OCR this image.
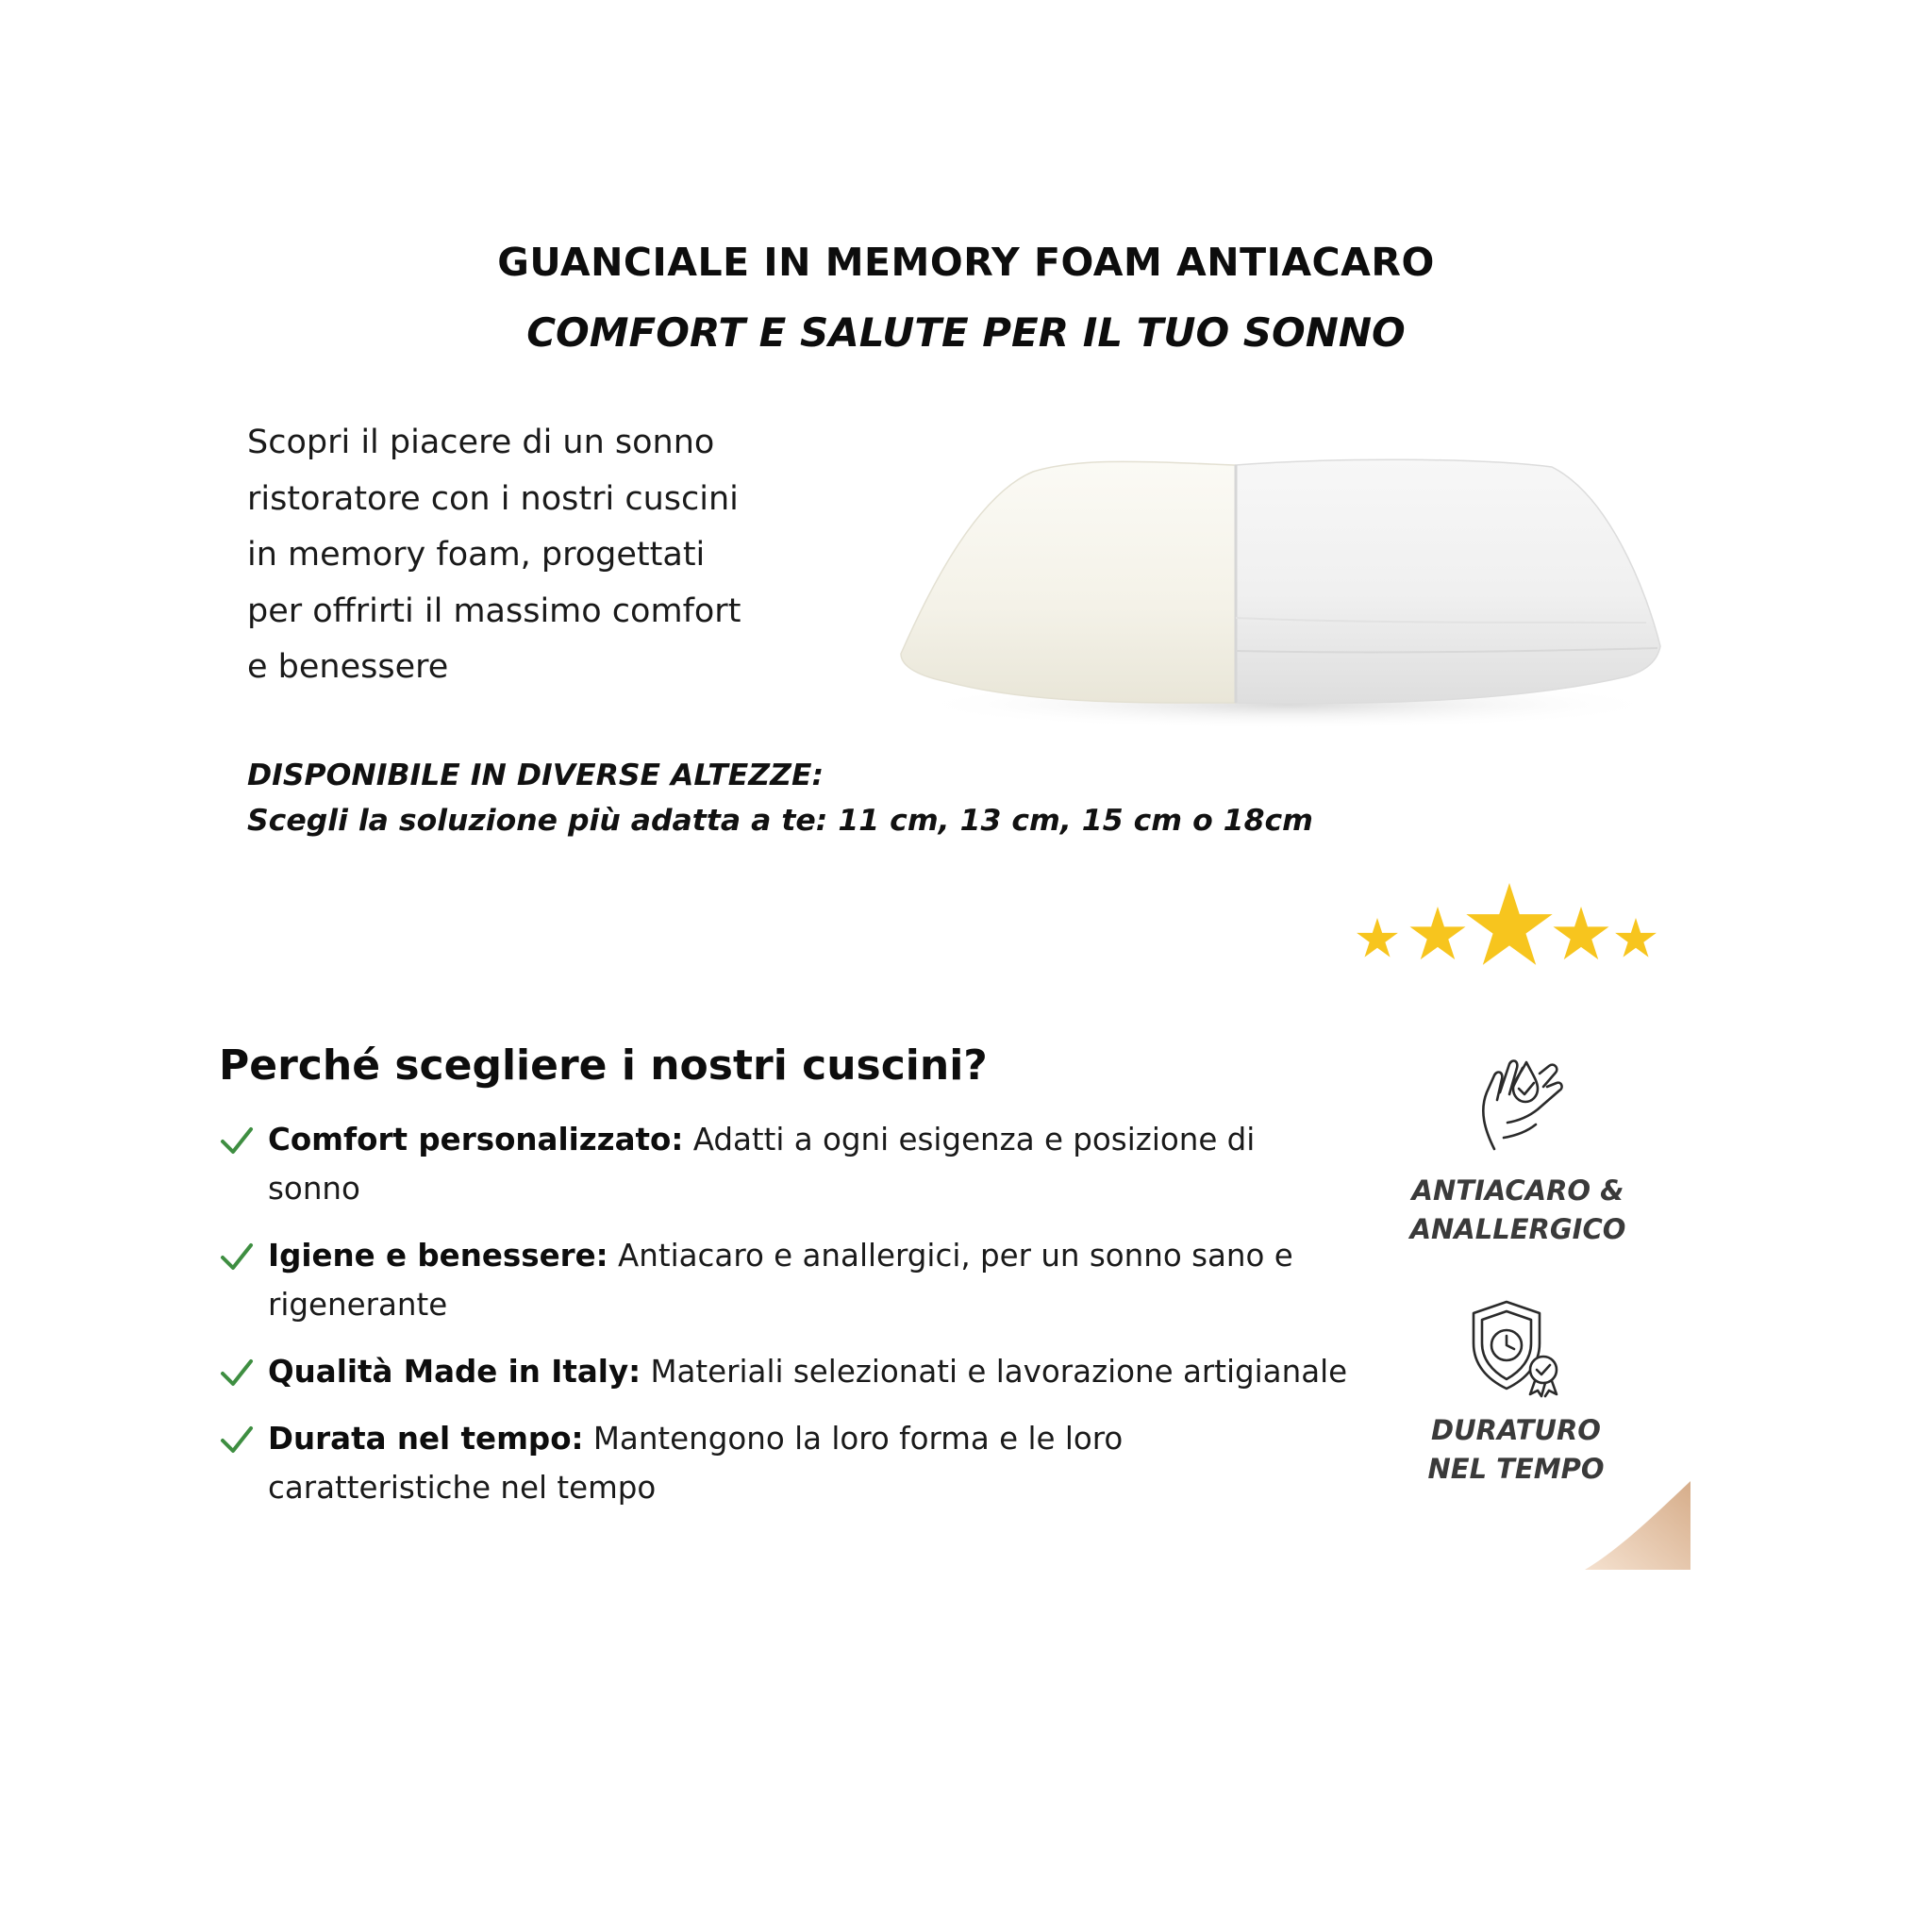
GUANCIALE IN MEMORY FOAM ANTIACARO
COMFORT E SALUTE PER IL TUO SONNO

Scopri il piacere di un sonno
ristoratore con i nostri cuscini
in memory foam, progettati
per offrirti il massimo comfort
e benessere

DISPONIBILE IN DIVERSE ALTEZZE:

Scegli la soluzione più adatta a te: 11 cm, 13 cm, 15 cm o 18cm

Perché scegliere i nostri cuscini?
Comfort personalizzato: Adatti a ogni esigenza e posizione di sonno
Igiene e benessere: Antiacaro e anallergici, per un sonno sano e rigenerante
Qualità Made in Italy: Materiali selezionati e lavorazione artigianale
Durata nel tempo: Mantengono la loro forma e le loro caratteristiche nel tempo

ANTIACARO &

ANALLERGICO

DURATURO

NEL TEMPO
